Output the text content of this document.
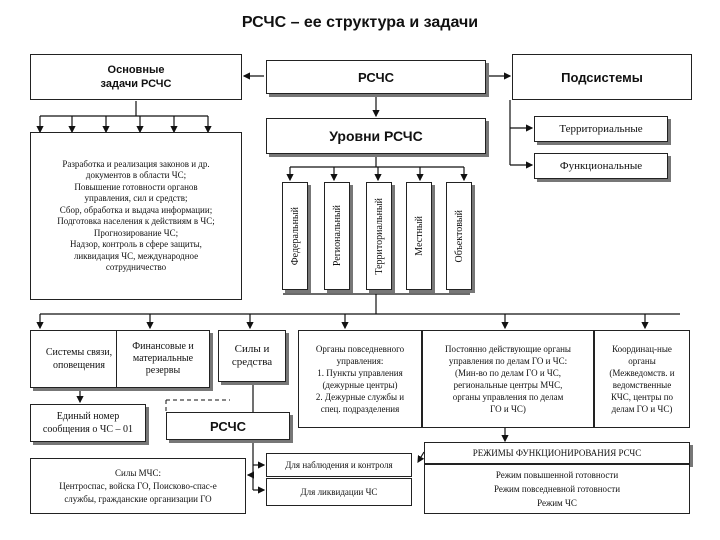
РСЧС – ее структура и задачи
Основные
задачи РСЧС	РСЧС	Подсистемы
Разработка и реализация законов и др.
документов в области ЧС;
Повышение готовности органов
управления, сил и средств;
Сбор, обработка и выдача информации;
Подготовка населения к действиям в ЧС;
Прогнозирование ЧС;
Надзор, контроль в сфере защиты,
ликвидация ЧС, международное
сотрудничество
Уровни РСЧС	Территориальные
Функциональные
Федеральный	Региональный	Территориальный	Местный	Объектовый
Системы связи, оповещения
Финансовые и материальные резервы
Силы и средства
Органы повседневного
управления:
1. Пункты управления
(дежурные центры)
2. Дежурные службы и
спец. подразделения
Постоянно действующие органы
управления по делам ГО и ЧС:
(Мин-во по делам ГО и ЧС,
региональные центры МЧС,
органы управления по делам
ГО и ЧС)
Координац-ные
органы
(Межведомств. и
ведомственные
КЧС, центры по
делам ГО и ЧС)
Единый номер сообщения о ЧС – 01	РСЧС
Силы МЧС:
Центроспас, войска ГО, Поисково-спас-е
службы, гражданские организации ГО
Для наблюдения и контроля
Для ликвидации ЧС
РЕЖИМЫ ФУНКЦИОНИРОВАНИЯ РСЧС
Режим повышенной готовности
Режим повседневной готовности
Режим ЧС
